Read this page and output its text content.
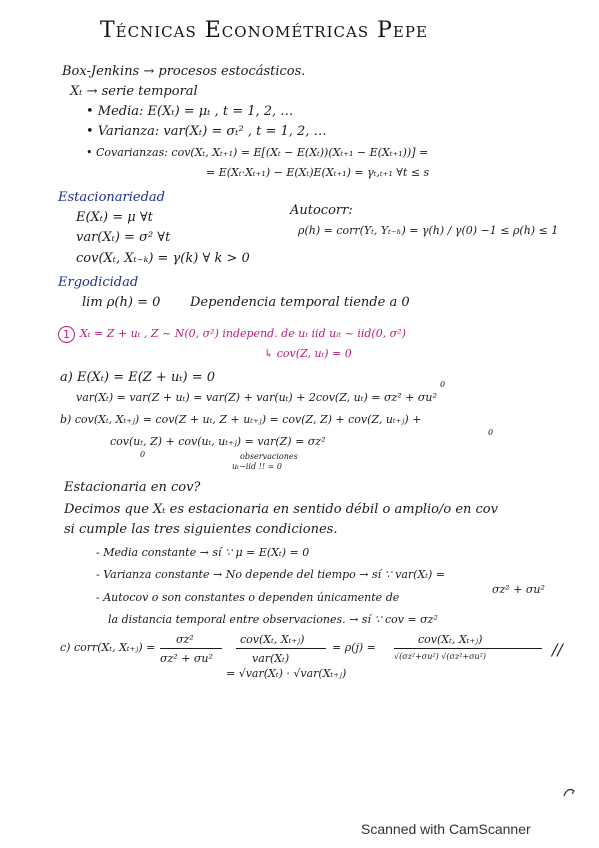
Técnicas Econométricas Pepe
Box-Jenkins → procesos estocásticos.
Xₜ → serie temporal
• Media: E(Xₜ) = μₜ , t = 1, 2, …
• Varianza: var(Xₜ) = σₜ² , t = 1, 2, …
• Covarianzas: cov(Xₜ, Xₜ₊₁) = E[(Xₜ − E(Xₜ))(Xₜ₊₁ − E(Xₜ₊₁))] =
= E(Xₜ·Xₜ₊₁) − E(Xₜ)E(Xₜ₊₁) = γₜ,ₜ₊₁ ∀t ≤ s
Estacionariedad
E(Xₜ) = μ ∀t
var(Xₜ) = σ² ∀t
cov(Xₜ, Xₜ₋ₖ) = γ(k) ∀ k > 0
Autocorr:
ρ(h) = corr(Yₜ, Yₜ₋ₕ) = γ(h) / γ(0) −1 ≤ ρ(h) ≤ 1
Ergodicidad
lim ρ(h) = 0 Dependencia temporal tiende a 0
1 Xₜ = Z + uₜ , Z ~ N(0, σ²) independ. de uₜ iid uᵢₜ ~ iid(0, σ²)
↳ cov(Z, uₜ) = 0
a) E(Xₜ) = E(Z + uₜ) = 0	0
var(Xₜ) = var(Z + uₜ) = var(Z) + var(uₜ) + 2cov(Z, uₜ) = σz² + σu²
b) cov(Xₜ, Xₜ₊ⱼ) = cov(Z + uₜ, Z + uₜ₊ⱼ) = cov(Z, Z) + cov(Z, uₜ₊ⱼ) +
0
cov(uₜ, Z) + cov(uₜ, uₜ₊ⱼ) = var(Z) = σz²
0	observaciones
uₜ~iid !! = 0
Estacionaria en cov?
Decimos que Xₜ es estacionaria en sentido débil o amplio/o en cov
si cumple las tres siguientes condiciones.
- Media constante → sí ∵ μ = E(Xₜ) = 0
- Varianza constante → No depende del tiempo → sí ∵ var(Xₜ) =
- Autocov o son constantes o dependen únicamente de
σz² + σu²
la distancia temporal entre observaciones. → sí ∵ cov = σz²
c) corr(Xₜ, Xₜ₊ⱼ) =
σz²
σz² + σu²
cov(Xₜ, Xₜ₊ⱼ)
var(Xₜ)
= ρ(j) =
cov(Xₜ, Xₜ₊ⱼ)
√(σz²+σu²) √(σz²+σu²)	//
= √var(Xₜ) · √var(Xₜ₊ⱼ)
Scanned with CamScanner
